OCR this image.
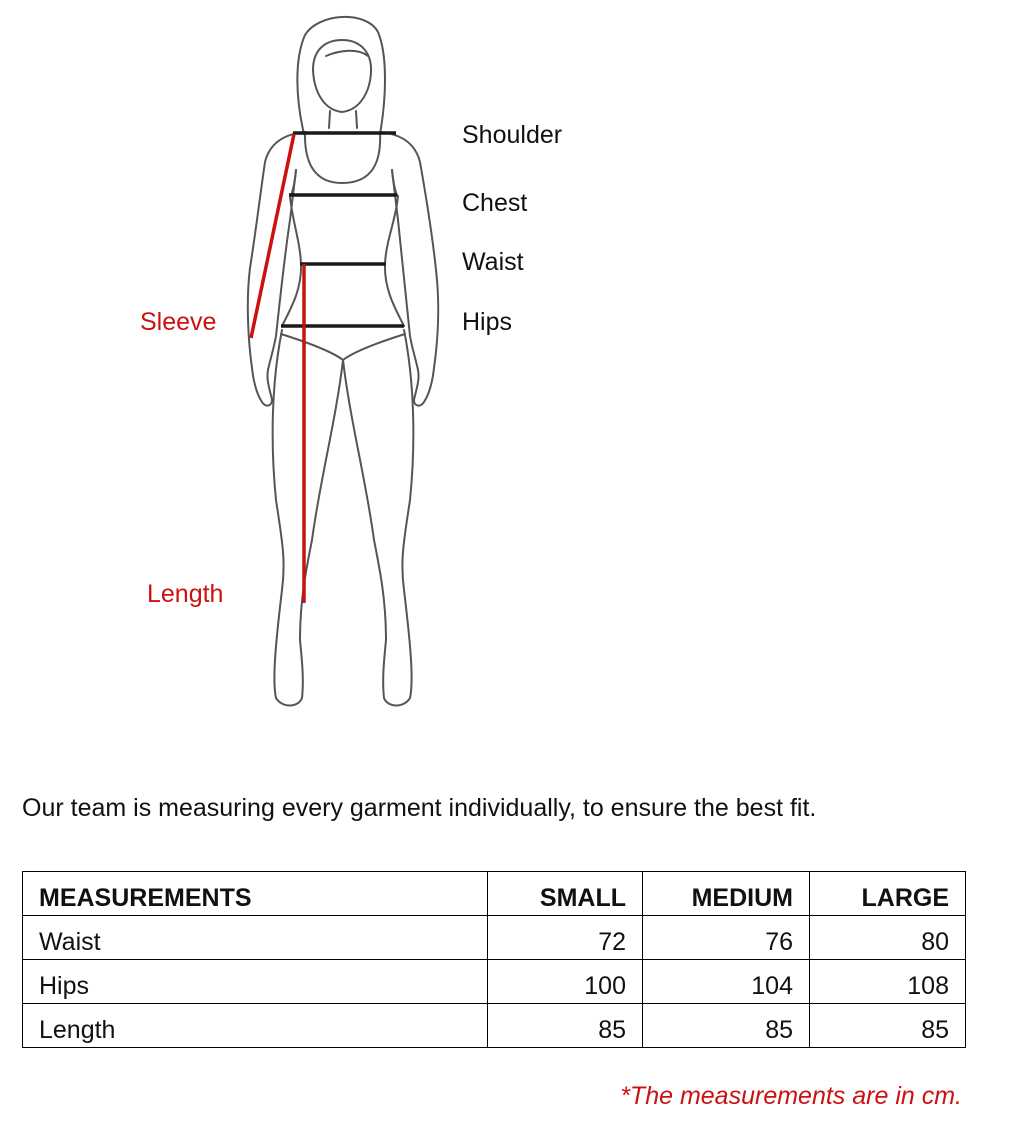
Shoulder
Chest
Waist
Hips
Sleeve
Length

Our team is measuring every garment individually, to ensure the best fit.

MEASUREMENTS	SMALL	MEDIUM	LARGE
Waist	72	76	80
Hips	100	104	108
Length	85	85	85

*The measurements are in cm.
